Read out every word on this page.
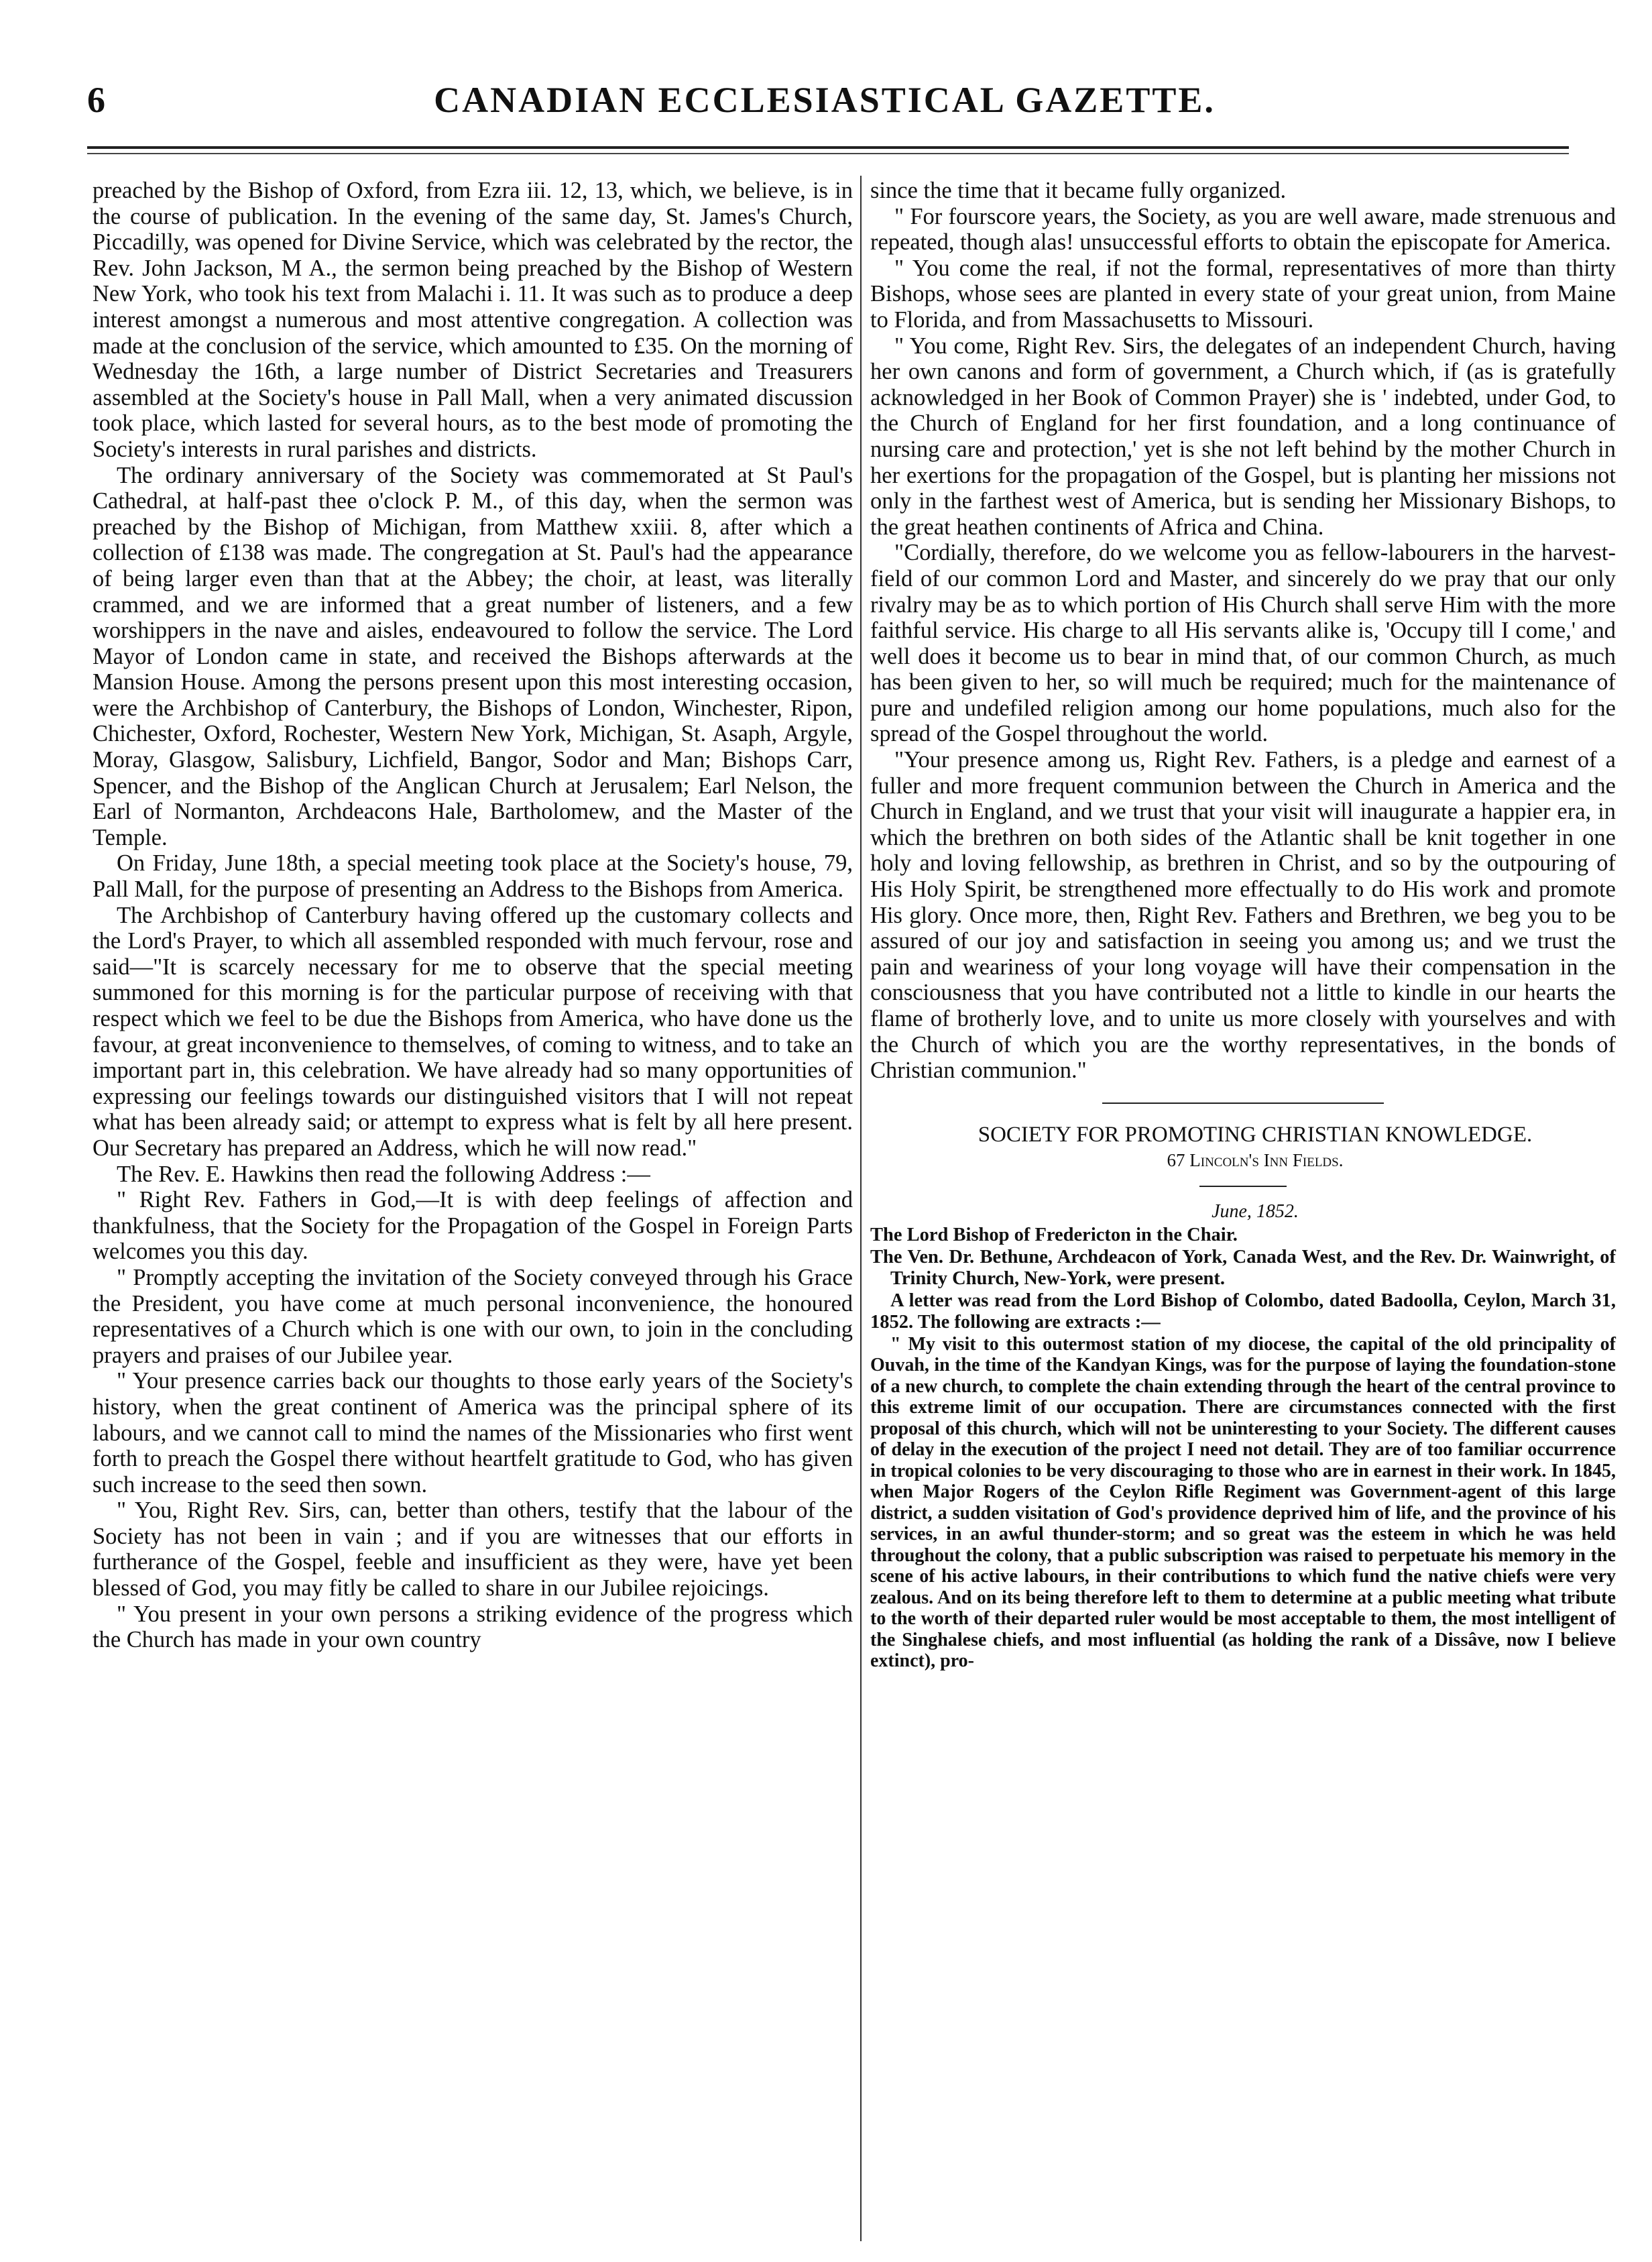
6	CANADIAN ECCLESIASTICAL GAZETTE.

preached by the Bishop of Oxford, from Ezra iii. 12, 13, which, we believe, is in the course of publication. In the evening of the same day, St. James's Church, Piccadilly, was opened for Divine Service, which was celebrated by the rector, the Rev. John Jackson, M A., the sermon being preached by the Bishop of Western New York, who took his text from Malachi i. 11. It was such as to produce a deep interest amongst a numerous and most attentive congregation. A collection was made at the conclusion of the service, which amounted to £35. On the morning of Wednesday the 16th, a large number of District Secretaries and Treasurers assembled at the Society's house in Pall Mall, when a very animated discussion took place, which lasted for several hours, as to the best mode of promoting the Society's interests in rural parishes and districts.

The ordinary anniversary of the Society was commemorated at St Paul's Cathedral, at half-past thee o'clock P. M., of this day, when the sermon was preached by the Bishop of Michigan, from Matthew xxiii. 8, after which a collection of £138 was made. The congregation at St. Paul's had the appearance of being larger even than that at the Abbey; the choir, at least, was literally crammed, and we are informed that a great number of listeners, and a few worshippers in the nave and aisles, endeavoured to follow the service. The Lord Mayor of London came in state, and received the Bishops afterwards at the Mansion House. Among the persons present upon this most interesting occasion, were the Archbishop of Canterbury, the Bishops of London, Winchester, Ripon, Chichester, Oxford, Rochester, Western New York, Michigan, St. Asaph, Argyle, Moray, Glasgow, Salisbury, Lichfield, Bangor, Sodor and Man; Bishops Carr, Spencer, and the Bishop of the Anglican Church at Jerusalem; Earl Nelson, the Earl of Normanton, Archdeacons Hale, Bartholomew, and the Master of the Temple.

On Friday, June 18th, a special meeting took place at the Society's house, 79, Pall Mall, for the purpose of presenting an Address to the Bishops from America.

The Archbishop of Canterbury having offered up the customary collects and the Lord's Prayer, to which all assembled responded with much fervour, rose and said—"It is scarcely necessary for me to observe that the special meeting summoned for this morning is for the particular purpose of receiving with that respect which we feel to be due the Bishops from America, who have done us the favour, at great inconvenience to themselves, of coming to witness, and to take an important part in, this celebration. We have already had so many opportunities of expressing our feelings towards our distinguished visitors that I will not repeat what has been already said; or attempt to express what is felt by all here present. Our Secretary has prepared an Address, which he will now read."

The Rev. E. Hawkins then read the following Address :—

" Right Rev. Fathers in God,—It is with deep feelings of affection and thankfulness, that the Society for the Propagation of the Gospel in Foreign Parts welcomes you this day.

" Promptly accepting the invitation of the Society conveyed through his Grace the President, you have come at much personal inconvenience, the honoured representatives of a Church which is one with our own, to join in the concluding prayers and praises of our Jubilee year.

" Your presence carries back our thoughts to those early years of the Society's history, when the great continent of America was the principal sphere of its labours, and we cannot call to mind the names of the Missionaries who first went forth to preach the Gospel there without heartfelt gratitude to God, who has given such increase to the seed then sown.

" You, Right Rev. Sirs, can, better than others, testify that the labour of the Society has not been in vain ; and if you are witnesses that our efforts in furtherance of the Gospel, feeble and insufficient as they were, have yet been blessed of God, you may fitly be called to share in our Jubilee rejoicings.

" You present in your own persons a striking evidence of the progress which the Church has made in your own country

since the time that it became fully organized.

" For fourscore years, the Society, as you are well aware, made strenuous and repeated, though alas! unsuccessful efforts to obtain the episcopate for America.

" You come the real, if not the formal, representatives of more than thirty Bishops, whose sees are planted in every state of your great union, from Maine to Florida, and from Massachusetts to Missouri.

" You come, Right Rev. Sirs, the delegates of an independent Church, having her own canons and form of government, a Church which, if (as is gratefully acknowledged in her Book of Common Prayer) she is ' indebted, under God, to the Church of England for her first foundation, and a long continuance of nursing care and protection,' yet is she not left behind by the mother Church in her exertions for the propagation of the Gospel, but is planting her missions not only in the farthest west of America, but is sending her Missionary Bishops, to the great heathen continents of Africa and China.

"Cordially, therefore, do we welcome you as fellow-labourers in the harvest-field of our common Lord and Master, and sincerely do we pray that our only rivalry may be as to which portion of His Church shall serve Him with the more faithful service. His charge to all His servants alike is, 'Occupy till I come,' and well does it become us to bear in mind that, of our common Church, as much has been given to her, so will much be required; much for the maintenance of pure and undefiled religion among our home populations, much also for the spread of the Gospel throughout the world.

"Your presence among us, Right Rev. Fathers, is a pledge and earnest of a fuller and more frequent communion between the Church in America and the Church in England, and we trust that your visit will inaugurate a happier era, in which the brethren on both sides of the Atlantic shall be knit together in one holy and loving fellowship, as brethren in Christ, and so by the outpouring of His Holy Spirit, be strengthened more effectually to do His work and promote His glory. Once more, then, Right Rev. Fathers and Brethren, we beg you to be assured of our joy and satisfaction in seeing you among us; and we trust the pain and weariness of your long voyage will have their compensation in the consciousness that you have contributed not a little to kindle in our hearts the flame of brotherly love, and to unite us more closely with yourselves and with the Church of which you are the worthy representatives, in the bonds of Christian communion."

SOCIETY FOR PROMOTING CHRISTIAN KNOWLEDGE.

67 Lincoln's Inn Fields.

June, 1852.

The Lord Bishop of Fredericton in the Chair.

The Ven. Dr. Bethune, Archdeacon of York, Canada West, and the Rev. Dr. Wainwright, of Trinity Church, New-York, were present.

A letter was read from the Lord Bishop of Colombo, dated Badoolla, Ceylon, March 31, 1852. The following are extracts :—

" My visit to this outermost station of my diocese, the capital of the old principality of Ouvah, in the time of the Kandyan Kings, was for the purpose of laying the foundation-stone of a new church, to complete the chain extending through the heart of the central province to this extreme limit of our occupation. There are circumstances connected with the first proposal of this church, which will not be uninteresting to your Society. The different causes of delay in the execution of the project I need not detail. They are of too familiar occurrence in tropical colonies to be very discouraging to those who are in earnest in their work. In 1845, when Major Rogers of the Ceylon Rifle Regiment was Government-agent of this large district, a sudden visitation of God's providence deprived him of life, and the province of his services, in an awful thunder-storm; and so great was the esteem in which he was held throughout the colony, that a public subscription was raised to perpetuate his memory in the scene of his active labours, in their contributions to which fund the native chiefs were very zealous. And on its being therefore left to them to determine at a public meeting what tribute to the worth of their departed ruler would be most acceptable to them, the most intelligent of the Singhalese chiefs, and most influential (as holding the rank of a Dissâve, now I believe extinct), pro-
